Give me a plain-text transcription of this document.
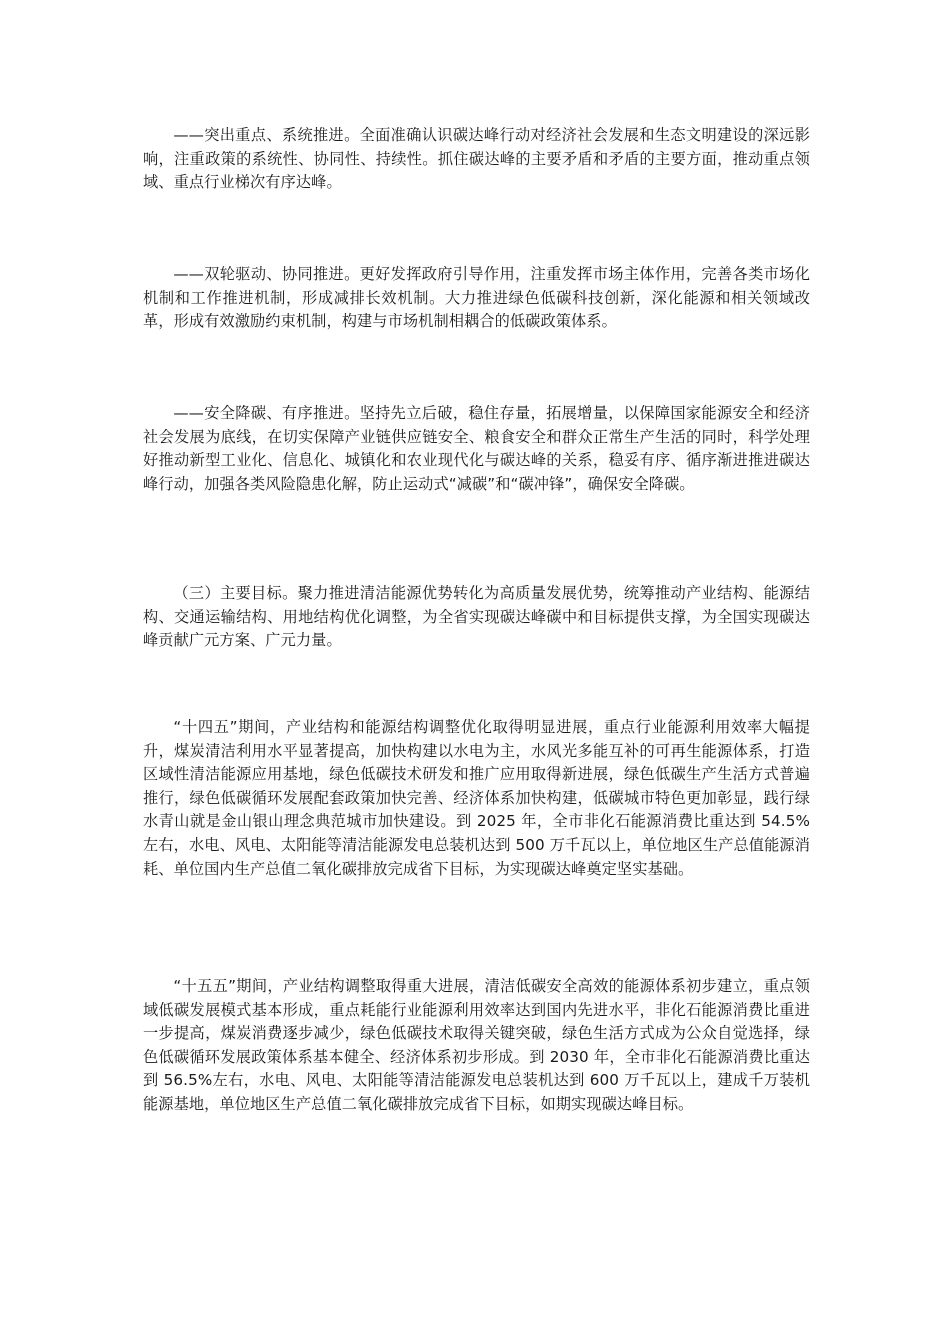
——突出重点、系统推进。全面准确认识碳达峰行动对经济社会发展和生态文明建设的深远影响，注重政策的系统性、协同性、持续性。抓住碳达峰的主要矛盾和矛盾的主要方面，推动重点领域、重点行业梯次有序达峰。

——双轮驱动、协同推进。更好发挥政府引导作用，注重发挥市场主体作用，完善各类市场化机制和工作推进机制，形成减排长效机制。大力推进绿色低碳科技创新，深化能源和相关领域改革，形成有效激励约束机制，构建与市场机制相耦合的低碳政策体系。

——安全降碳、有序推进。坚持先立后破，稳住存量，拓展增量，以保障国家能源安全和经济社会发展为底线，在切实保障产业链供应链安全、粮食安全和群众正常生产生活的同时，科学处理好推动新型工业化、信息化、城镇化和农业现代化与碳达峰的关系，稳妥有序、循序渐进推进碳达峰行动，加强各类风险隐患化解，防止运动式“减碳”和“碳冲锋”，确保安全降碳。

（三）主要目标。聚力推进清洁能源优势转化为高质量发展优势，统筹推动产业结构、能源结构、交通运输结构、用地结构优化调整，为全省实现碳达峰碳中和目标提供支撑，为全国实现碳达峰贡献广元方案、广元力量。

“十四五”期间，产业结构和能源结构调整优化取得明显进展，重点行业能源利用效率大幅提升，煤炭清洁利用水平显著提高，加快构建以水电为主，水风光多能互补的可再生能源体系，打造区域性清洁能源应用基地，绿色低碳技术研发和推广应用取得新进展，绿色低碳生产生活方式普遍推行，绿色低碳循环发展配套政策加快完善、经济体系加快构建，低碳城市特色更加彰显，践行绿水青山就是金山银山理念典范城市加快建设。到 2025 年，全市非化石能源消费比重达到 54.5%左右，水电、风电、太阳能等清洁能源发电总装机达到 500 万千瓦以上，单位地区生产总值能源消耗、单位国内生产总值二氧化碳排放完成省下目标，为实现碳达峰奠定坚实基础。

“十五五”期间，产业结构调整取得重大进展，清洁低碳安全高效的能源体系初步建立，重点领域低碳发展模式基本形成，重点耗能行业能源利用效率达到国内先进水平，非化石能源消费比重进一步提高，煤炭消费逐步减少，绿色低碳技术取得关键突破，绿色生活方式成为公众自觉选择，绿色低碳循环发展政策体系基本健全、经济体系初步形成。到 2030 年，全市非化石能源消费比重达到 56.5%左右，水电、风电、太阳能等清洁能源发电总装机达到 600 万千瓦以上，建成千万装机能源基地，单位地区生产总值二氧化碳排放完成省下目标，如期实现碳达峰目标。
